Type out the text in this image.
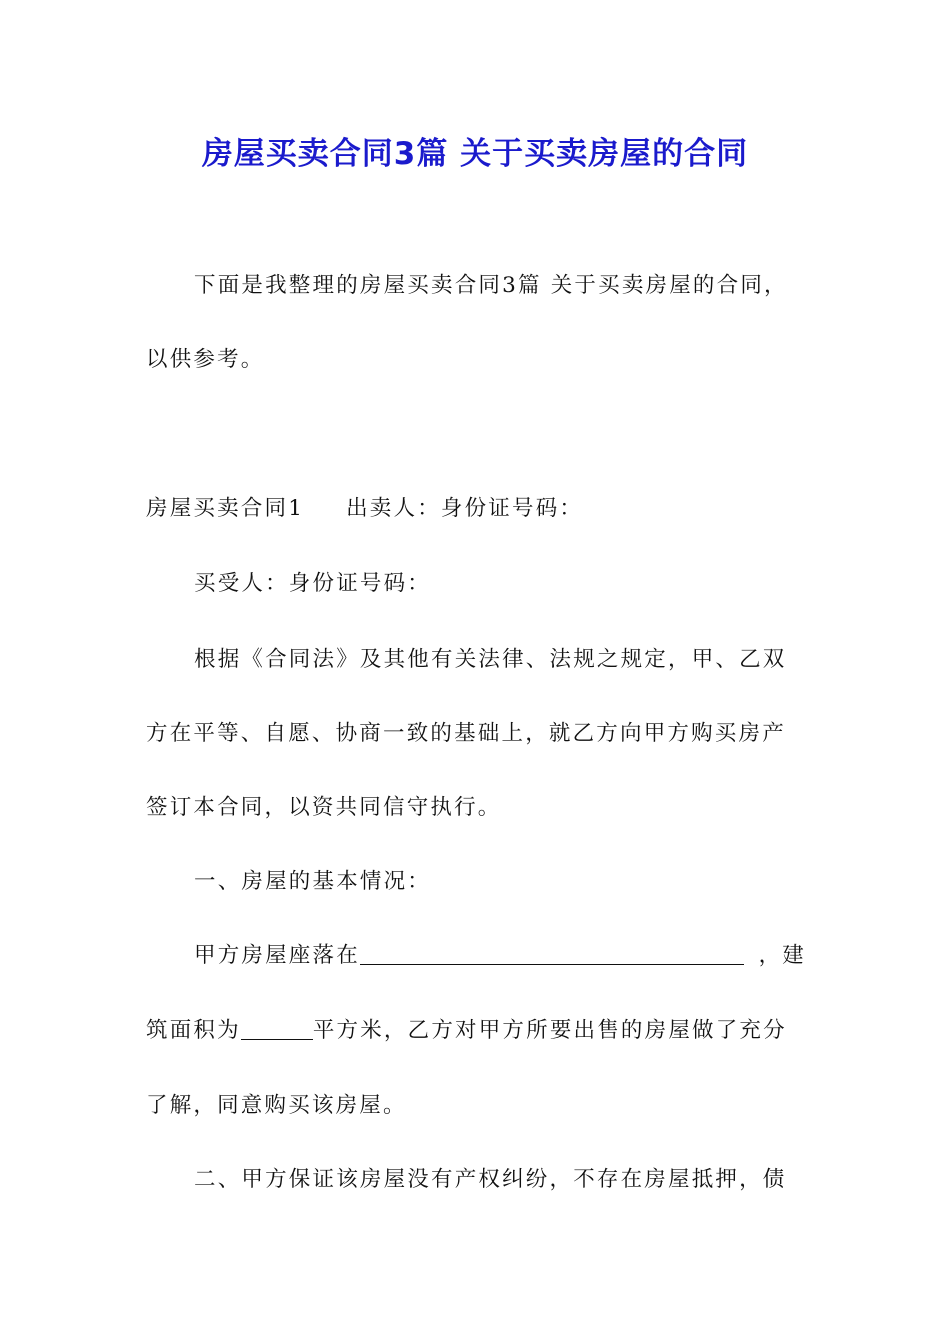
房屋买卖合同3篇 关于买卖房屋的合同
下面是我整理的房屋买卖合同3篇 关于买卖房屋的合同，
以供参考。
房屋买卖合同1 出卖人：身份证号码：
买受人：身份证号码：
根据《合同法》及其他有关法律、法规之规定，甲、乙双
方在平等、自愿、协商一致的基础上，就乙方向甲方购买房产
签订本合同，以资共同信守执行。
一、房屋的基本情况：
甲方房屋座落在	，建
筑面积为	平方米，乙方对甲方所要出售的房屋做了充分
了解，同意购买该房屋。
二、甲方保证该房屋没有产权纠纷，不存在房屋抵押，债
